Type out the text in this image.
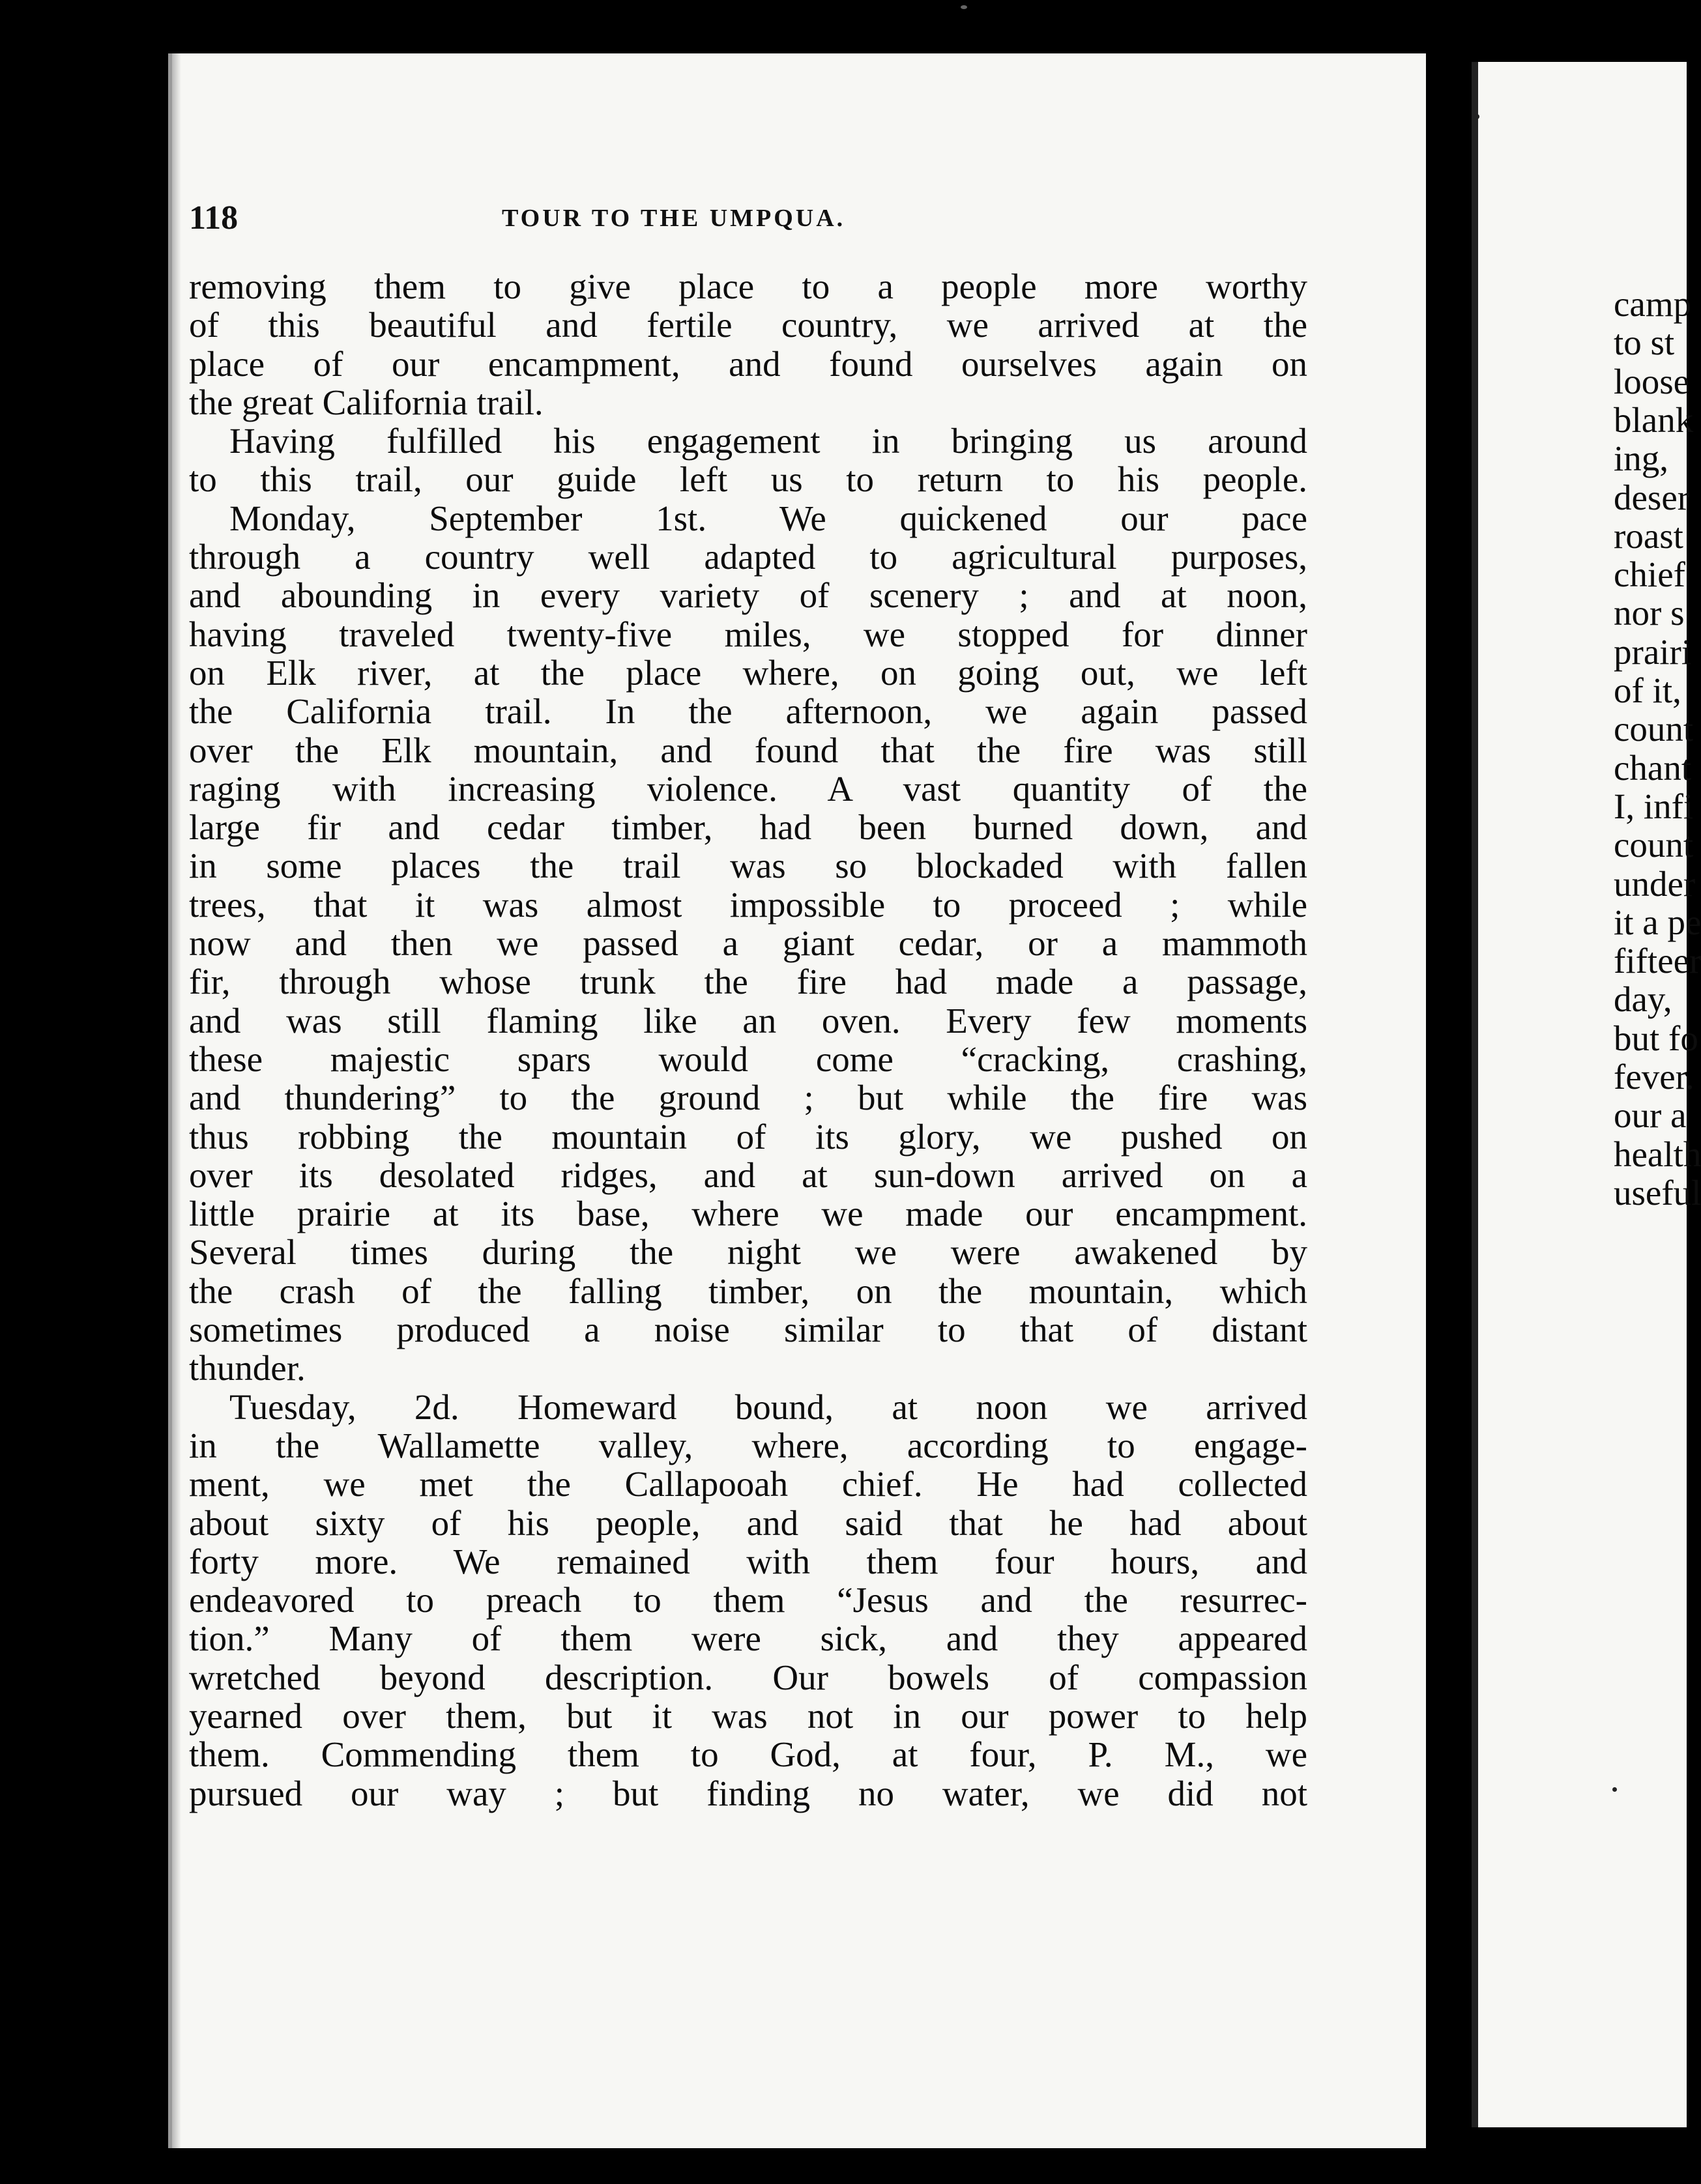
118	TOUR TO THE UMPQUA.
removing them to give place to a people more worthy
of this beautiful and fertile country, we arrived at the
place of our encampment, and found ourselves again on
the great California trail.
Having fulfilled his engagement in bringing us around
to this trail, our guide left us to return to his people.
Monday, September 1st. We quickened our pace
through a country well adapted to agricultural purposes,
and abounding in every variety of scenery ; and at noon,
having traveled twenty-five miles, we stopped for dinner
on Elk river, at the place where, on going out, we left
the California trail. In the afternoon, we again passed
over the Elk mountain, and found that the fire was still
raging with increasing violence. A vast quantity of the
large fir and cedar timber, had been burned down, and
in some places the trail was so blockaded with fallen
trees, that it was almost impossible to proceed ; while
now and then we passed a giant cedar, or a mammoth
fir, through whose trunk the fire had made a passage,
and was still flaming like an oven. Every few moments
these majestic spars would come “cracking, crashing,
and thundering” to the ground ; but while the fire was
thus robbing the mountain of its glory, we pushed on
over its desolated ridges, and at sun-down arrived on a
little prairie at its base, where we made our encampment.
Several times during the night we were awakened by
the crash of the falling timber, on the mountain, which
sometimes produced a noise similar to that of distant
thunder.
Tuesday, 2d. Homeward bound, at noon we arrived
in the Wallamette valley, where, according to engage-
ment, we met the Callapooah chief. He had collected
about sixty of his people, and said that he had about
forty more. We remained with them four hours, and
endeavored to preach to them “Jesus and the resurrec-
tion.” Many of them were sick, and they appeared
wretched beyond description. Our bowels of compassion
yearned over them, but it was not in our power to help
them. Commending them to God, at four, P. M., we
pursued our way ; but finding no water, we did not
camp
to st
loose
blank
ing,
deser
roast
chief
nor s
prairi
of it,
count
chant
I, infi
count
under
it a pe
fifteer
day,
but fo
fever.
our a
health
useful
